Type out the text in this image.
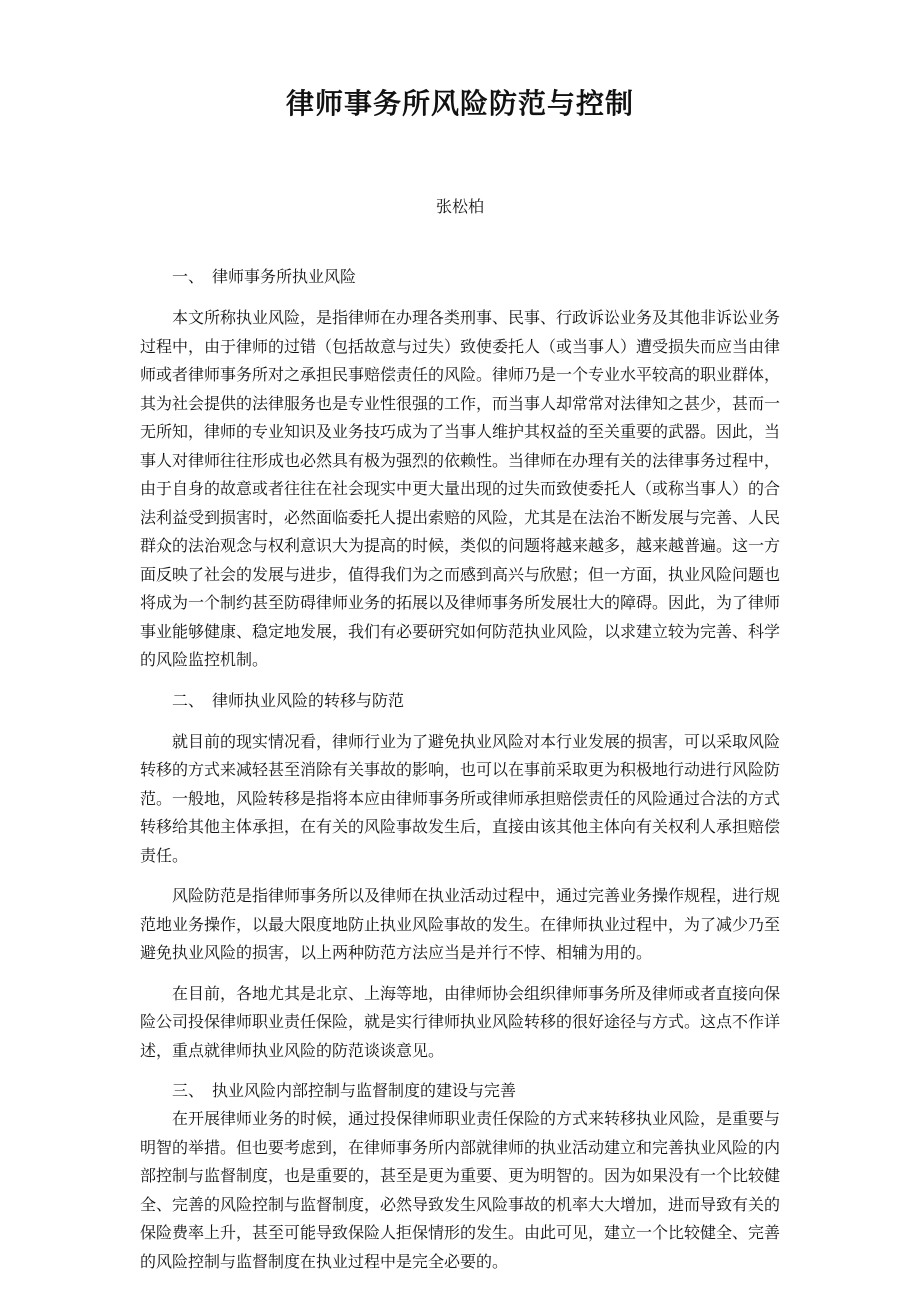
律师事务所风险防范与控制

张松柏

一、　律师事务所执业风险

本文所称执业风险，是指律师在办理各类刑事、民事、行政诉讼业务及其他非诉讼业务过程中，由于律师的过错（包括故意与过失）致使委托人（或当事人）遭受损失而应当由律师或者律师事务所对之承担民事赔偿责任的风险。律师乃是一个专业水平较高的职业群体，其为社会提供的法律服务也是专业性很强的工作，而当事人却常常对法律知之甚少，甚而一无所知，律师的专业知识及业务技巧成为了当事人维护其权益的至关重要的武器。因此，当事人对律师往往形成也必然具有极为强烈的依赖性。当律师在办理有关的法律事务过程中，由于自身的故意或者往往在社会现实中更大量出现的过失而致使委托人（或称当事人）的合法利益受到损害时，必然面临委托人提出索赔的风险，尤其是在法治不断发展与完善、人民群众的法治观念与权利意识大为提高的时候，类似的问题将越来越多，越来越普遍。这一方面反映了社会的发展与进步，值得我们为之而感到高兴与欣慰；但一方面，执业风险问题也将成为一个制约甚至防碍律师业务的拓展以及律师事务所发展壮大的障碍。因此，为了律师事业能够健康、稳定地发展，我们有必要研究如何防范执业风险，以求建立较为完善、科学的风险监控机制。

二、　律师执业风险的转移与防范

就目前的现实情况看，律师行业为了避免执业风险对本行业发展的损害，可以采取风险转移的方式来减轻甚至消除有关事故的影响，也可以在事前采取更为积极地行动进行风险防范。一般地，风险转移是指将本应由律师事务所或律师承担赔偿责任的风险通过合法的方式转移给其他主体承担，在有关的风险事故发生后，直接由该其他主体向有关权利人承担赔偿责任。

风险防范是指律师事务所以及律师在执业活动过程中，通过完善业务操作规程，进行规范地业务操作，以最大限度地防止执业风险事故的发生。在律师执业过程中，为了减少乃至避免执业风险的损害，以上两种防范方法应当是并行不悖、相辅为用的。

在目前，各地尤其是北京、上海等地，由律师协会组织律师事务所及律师或者直接向保险公司投保律师职业责任保险，就是实行律师执业风险转移的很好途径与方式。这点不作详述，重点就律师执业风险的防范谈谈意见。

三、　执业风险内部控制与监督制度的建设与完善

在开展律师业务的时候，通过投保律师职业责任保险的方式来转移执业风险，是重要与明智的举措。但也要考虑到，在律师事务所内部就律师的执业活动建立和完善执业风险的内部控制与监督制度，也是重要的，甚至是更为重要、更为明智的。因为如果没有一个比较健全、完善的风险控制与监督制度，必然导致发生风险事故的机率大大增加，进而导致有关的保险费率上升，甚至可能导致保险人拒保情形的发生。由此可见，建立一个比较健全、完善的风险控制与监督制度在执业过程中是完全必要的。
